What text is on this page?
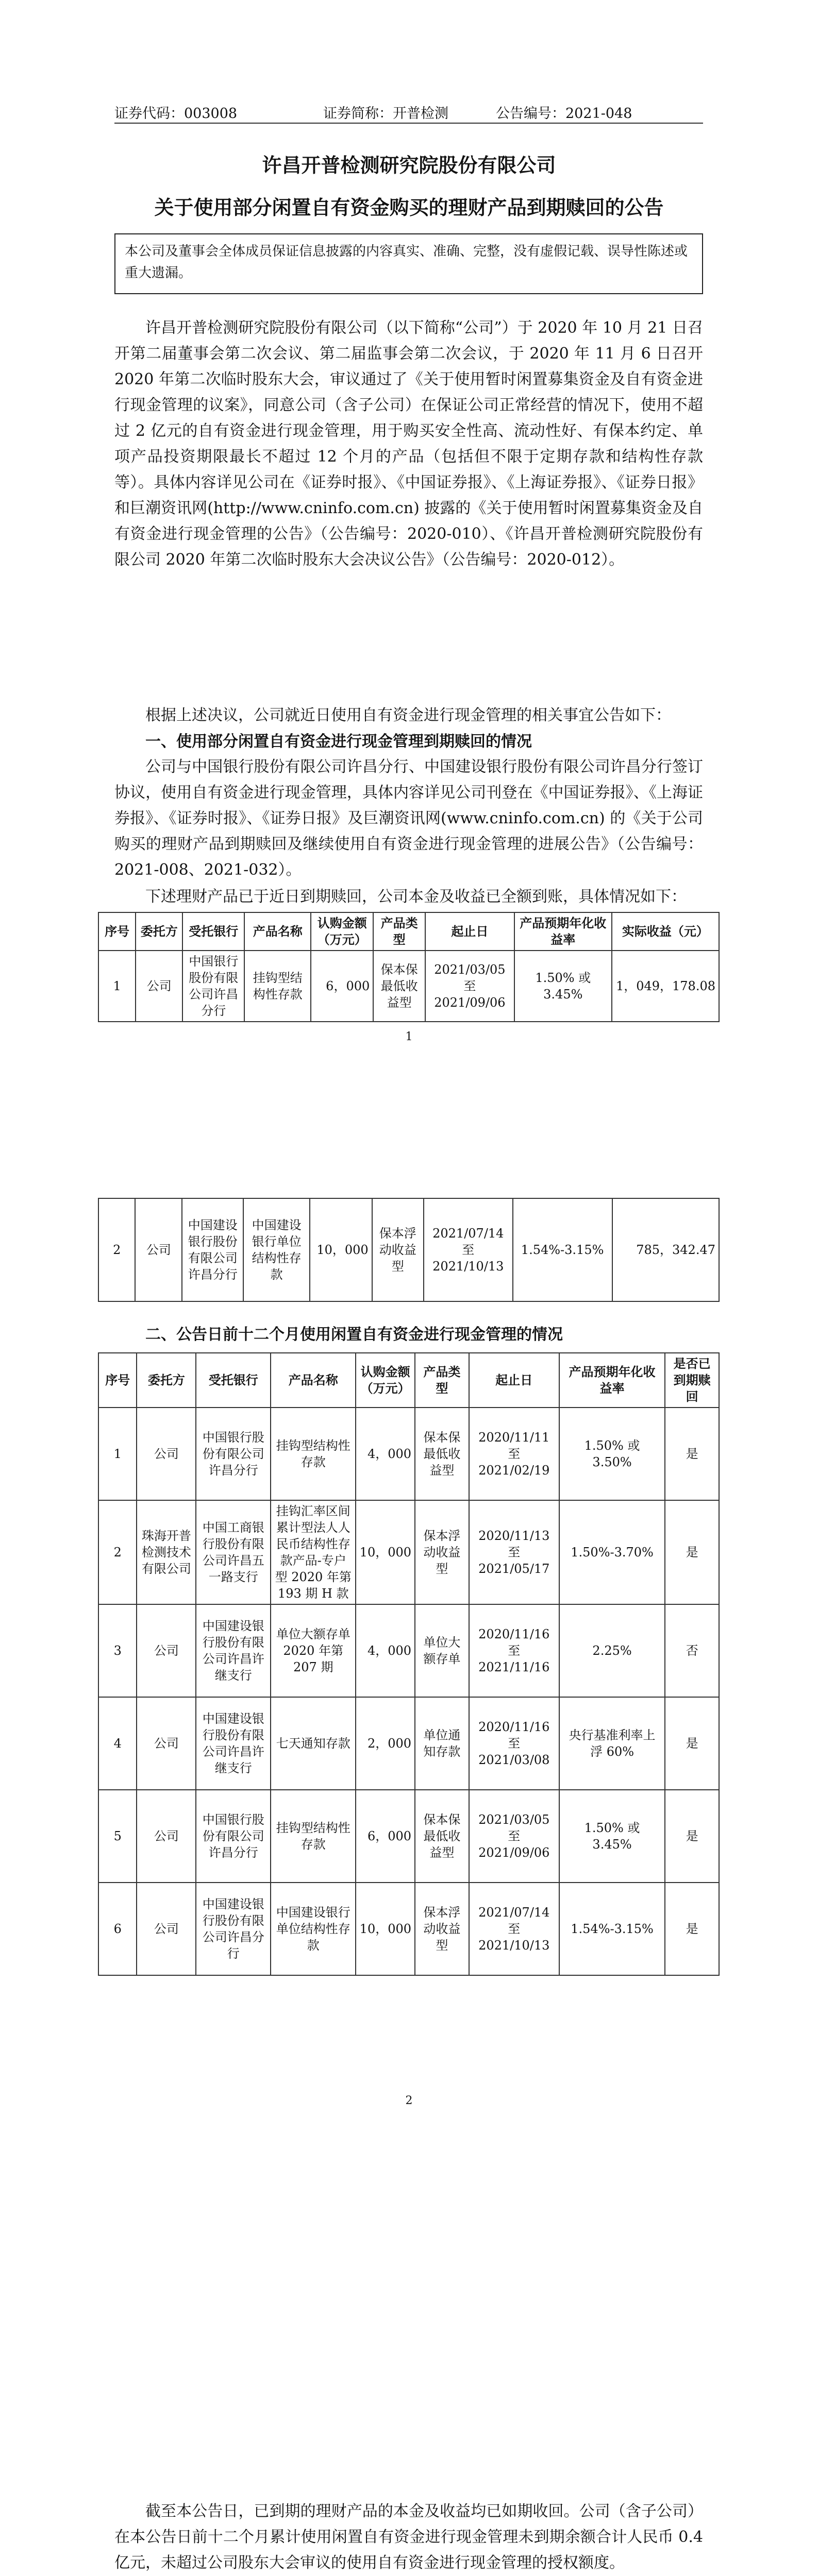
证券代码：003008	证券简称：开普检测	公告编号：2021-048
许昌开普检测研究院股份有限公司
关于使用部分闲置自有资金购买的理财产品到期赎回的公告
本公司及董事会全体成员保证信息披露的内容真实、准确、完整，没有虚假记载、误导性陈述或重大遗漏。
许昌开普检测研究院股份有限公司（以下简称“公司”）于 2020 年 10 月 21 日召开第二届董事会第二次会议、第二届监事会第二次会议，于 2020 年 11 月 6 日召开 2020 年第二次临时股东大会，审议通过了《关于使用暂时闲置募集资金及自有资金进行现金管理的议案》，同意公司（含子公司）在保证公司正常经营的情况下，使用不超过 2 亿元的自有资金进行现金管理，用于购买安全性高、流动性好、有保本约定、单项产品投资期限最长不超过 12 个月的产品（包括但不限于定期存款和结构性存款等）。具体内容详见公司在《证券时报》、《中国证券报》、《上海证券报》、《证券日报》和巨潮资讯网(http://www.cninfo.com.cn) 披露的《关于使用暂时闲置募集资金及自有资金进行现金管理的公告》（公告编号：2020-010）、《许昌开普检测研究院股份有限公司 2020 年第二次临时股东大会决议公告》（公告编号：2020-012）。
根据上述决议，公司就近日使用自有资金进行现金管理的相关事宜公告如下：
一、使用部分闲置自有资金进行现金管理到期赎回的情况
公司与中国银行股份有限公司许昌分行、中国建设银行股份有限公司许昌分行签订协议，使用自有资金进行现金管理，具体内容详见公司刊登在《中国证券报》、《上海证券报》、《证券时报》、《证券日报》及巨潮资讯网(www.cninfo.com.cn) 的《关于公司购买的理财产品到期赎回及继续使用自有资金进行现金管理的进展公告》（公告编号：2021-008、2021-032）。
下述理财产品已于近日到期赎回，公司本金及收益已全额到账，具体情况如下：
序号	委托方	受托银行	产品名称	认购金额（万元）	产品类型	起止日	产品预期年化收益率	实际收益（元）
1	公司	中国银行股份有限公司许昌分行	挂钩型结构性存款	6，000	保本保最低收益型	2021/03/05 至 2021/09/06	1.50% 或 3.45%	1，049，178.08
1
2	公司	中国建设银行股份有限公司许昌分行	中国建设银行单位结构性存款	10，000	保本浮动收益型	2021/07/14 至 2021/10/13	1.54%-3.15%	785，342.47
二、公告日前十二个月使用闲置自有资金进行现金管理的情况
序号	委托方	受托银行	产品名称	认购金额（万元）	产品类型	起止日	产品预期年化收益率	是否已到期赎回
1	公司	中国银行股份有限公司许昌分行	挂钩型结构性存款	4，000	保本保最低收益型	2020/11/11 至 2021/02/19	1.50% 或 3.50%	是
2	珠海开普检测技术有限公司	中国工商银行股份有限公司许昌五一路支行	挂钩汇率区间累计型法人人民币结构性存款产品-专户型 2020 年第 193 期 H 款	10，000	保本浮动收益型	2020/11/13 至 2021/05/17	1.50%-3.70%	是
3	公司	中国建设银行股份有限公司许昌许继支行	单位大额存单 2020 年第 207 期	4，000	单位大额存单	2020/11/16 至 2021/11/16	2.25%	否
4	公司	中国建设银行股份有限公司许昌许继支行	七天通知存款	2，000	单位通知存款	2020/11/16 至 2021/03/08	央行基准利率上浮 60%	是
5	公司	中国银行股份有限公司许昌分行	挂钩型结构性存款	6，000	保本保最低收益型	2021/03/05 至 2021/09/06	1.50% 或 3.45%	是
6	公司	中国建设银行股份有限公司许昌分行	中国建设银行单位结构性存款	10，000	保本浮动收益型	2021/07/14 至 2021/10/13	1.54%-3.15%	是
2
截至本公告日，已到期的理财产品的本金及收益均已如期收回。公司（含子公司）在本公告日前十二个月累计使用闲置自有资金进行现金管理未到期余额合计人民币 0.4 亿元，未超过公司股东大会审议的使用自有资金进行现金管理的授权额度。
